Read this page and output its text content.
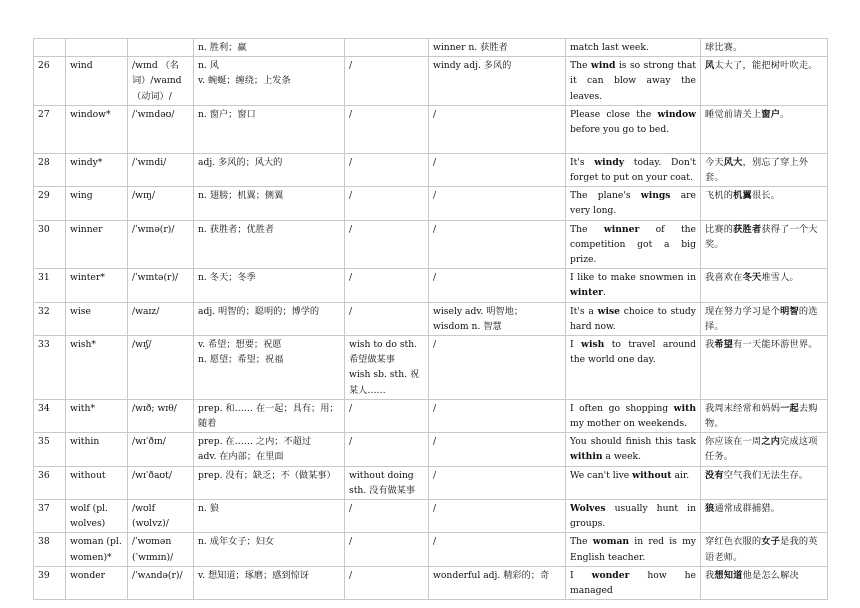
			n. 胜利；赢		winner n. 获胜者	match last week.	球比赛。
26	wind	/wɪnd （名词）/waɪnd（动词）/	n. 风
v. 蜿蜒；缠绕；上发条	/	windy adj. 多风的	The wind is so strong that it can blow away the leaves.	风太大了，能把树叶吹走。
27	window*	/ˈwɪndəʊ/	n. 窗户；窗口	/	/	Please close the window before you go to bed.	睡觉前请关上窗户。
28	windy*	/ˈwɪndi/	adj. 多风的；风大的	/	/	It's windy today. Don't forget to put on your coat.	今天风大，别忘了穿上外套。
29	wing	/wɪŋ/	n. 翅膀；机翼；侧翼	/	/	The plane's wings are very long.	飞机的机翼很长。
30	winner	/ˈwɪnə(r)/	n. 获胜者；优胜者	/	/	The winner of the competition got a big prize.	比赛的获胜者获得了一个大奖。
31	winter*	/ˈwɪntə(r)/	n. 冬天；冬季	/	/	I like to make snowmen in winter.	我喜欢在冬天堆雪人。
32	wise	/waɪz/	adj. 明智的；聪明的；博学的	/	wisely adv. 明智地；
wisdom n. 智慧	It's a wise choice to study hard now.	现在努力学习是个明智的选择。
33	wish*	/wɪʃ/	v. 希望；想要；祝愿
n. 愿望；希望；祝福	wish to do sth. 希望做某事
wish sb. sth. 祝某人……	/	I wish to travel around the world one day.	我希望有一天能环游世界。
34	with*	/wɪð; wɪθ/	prep. 和…… 在一起；具有；用；随着	/	/	I often go shopping with my mother on weekends.	我周末经常和妈妈一起去购物。
35	within	/wɪˈðɪn/	prep. 在…… 之内；不超过
adv. 在内部；在里面	/	/	You should finish this task within a week.	你应该在一周之内完成这项任务。
36	without	/wɪˈðaʊt/	prep. 没有；缺乏；不（做某事）	without doing sth. 没有做某事	/	We can't live without air.	没有空气我们无法生存。
37	wolf (pl. wolves)	/wʊlf (wʊlvz)/	n. 狼	/	/	Wolves usually hunt in groups.	狼通常成群捕猎。
38	woman (pl. women)*	/ˈwʊmən (ˈwɪmɪn)/	n. 成年女子；妇女	/	/	The woman in red is my English teacher.	穿红色衣服的女子是我的英语老师。
39	wonder	/ˈwʌndə(r)/	v. 想知道；琢磨；感到惊讶	/	wonderful adj. 精彩的；奇	I wonder how he managed	我想知道他是怎么解决
